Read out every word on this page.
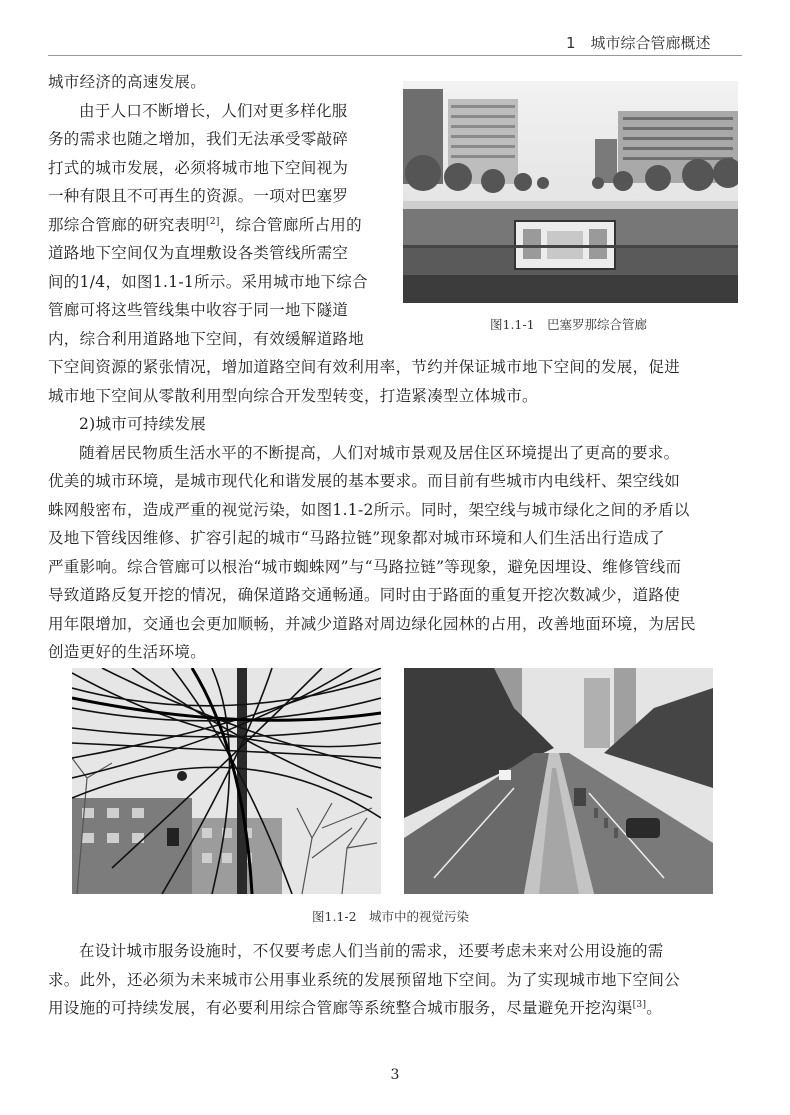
1　城市综合管廊概述
城市经济的高速发展。
由于人口不断增长，人们对更多样化服
务的需求也随之增加，我们无法承受零敲碎
打式的城市发展，必须将城市地下空间视为
一种有限且不可再生的资源。一项对巴塞罗
那综合管廊的研究表明[2]，综合管廊所占用的
道路地下空间仅为直埋敷设各类管线所需空
间的1/4，如图1.1-1所示。采用城市地下综合
管廊可将这些管线集中收容于同一地下隧道
内，综合利用道路地下空间，有效缓解道路地
图1.1-1　巴塞罗那综合管廊
下空间资源的紧张情况，增加道路空间有效利用率，节约并保证城市地下空间的发展，促进
城市地下空间从零散利用型向综合开发型转变，打造紧凑型立体城市。
2)城市可持续发展
随着居民物质生活水平的不断提高，人们对城市景观及居住区环境提出了更高的要求。
优美的城市环境，是城市现代化和谐发展的基本要求。而目前有些城市内电线杆、架空线如
蛛网般密布，造成严重的视觉污染，如图1.1-2所示。同时，架空线与城市绿化之间的矛盾以
及地下管线因维修、扩容引起的城市“马路拉链”现象都对城市环境和人们生活出行造成了
严重影响。综合管廊可以根治“城市蜘蛛网”与“马路拉链”等现象，避免因埋设、维修管线而
导致道路反复开挖的情况，确保道路交通畅通。同时由于路面的重复开挖次数减少，道路使
用年限增加，交通也会更加顺畅，并减少道路对周边绿化园林的占用，改善地面环境，为居民
创造更好的生活环境。
图1.1-2　城市中的视觉污染
在设计城市服务设施时，不仅要考虑人们当前的需求，还要考虑未来对公用设施的需
求。此外，还必须为未来城市公用事业系统的发展预留地下空间。为了实现城市地下空间公
用设施的可持续发展，有必要利用综合管廊等系统整合城市服务，尽量避免开挖沟渠[3]。
3
